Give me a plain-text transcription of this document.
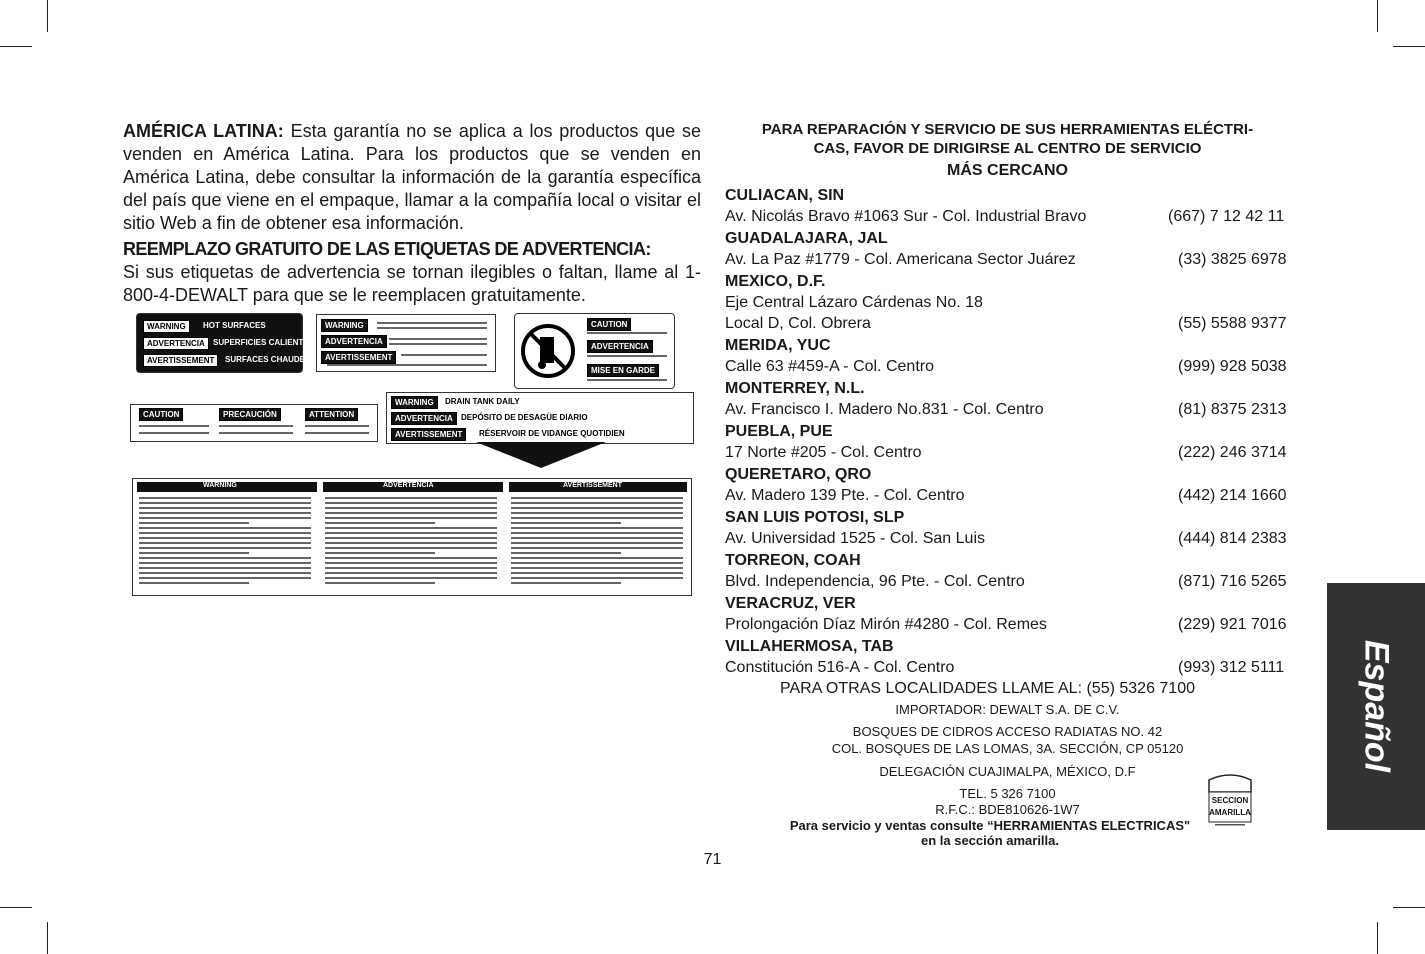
AMÉRICA LATINA: Esta garantía no se aplica a los productos que se venden en América Latina. Para los productos que se venden en América Latina, debe consultar la información de la garantía específica del país que viene en el empaque, llamar a la compañía local o visitar el sitio Web a fin de obtener esa información.

REEMPLAZO GRATUITO DE LAS ETIQUETAS DE ADVERTENCIA:

Si sus etiquetas de advertencia se tornan ilegibles o faltan, llame al 1-800-4-DEWALT para que se le reemplacen gratuitamente.

WARNING	HOT SURFACES
ADVERTENCIA	SUPERFICIES CALIENTES
AVERTISSEMENT	SURFACES CHAUDES
WARNING
ADVERTENCIA
AVERTISSEMENT
CAUTION
ADVERTENCIA
MISE EN GARDE
CAUTION	PRECAUCIÓN	ATTENTION
WARNING	DRAIN TANK DAILY
ADVERTENCIA	DEPÓSITO DE DESAGÜE DIARIO
AVERTISSEMENT	RÉSERVOIR DE VIDANGE QUOTIDIEN
WARNING	ADVERTENCIA	AVERTISSEMENT

PARA REPARACIÓN Y SERVICIO DE SUS HERRAMIENTAS ELÉCTRI-

CAS, FAVOR DE DIRIGIRSE AL CENTRO DE SERVICIO

MÁS CERCANO

CULIACAN, SIN
Av. Nicolás Bravo #1063 Sur - Col. Industrial Bravo	(667) 7 12 42 11
GUADALAJARA, JAL
Av. La Paz #1779 - Col. Americana Sector Juárez	(33) 3825 6978
MEXICO, D.F.
Eje Central Lázaro Cárdenas No. 18
Local D, Col. Obrera	(55) 5588 9377
MERIDA, YUC
Calle 63 #459-A - Col. Centro	(999) 928 5038
MONTERREY, N.L.
Av. Francisco I. Madero No.831 - Col. Centro	(81) 8375 2313
PUEBLA, PUE
17 Norte #205 - Col. Centro	(222) 246 3714
QUERETARO, QRO
Av. Madero 139 Pte. - Col. Centro	(442) 214 1660
SAN LUIS POTOSI, SLP
Av. Universidad 1525 - Col. San Luis	(444) 814 2383
TORREON, COAH
Blvd. Independencia, 96 Pte. - Col. Centro	(871) 716 5265
VERACRUZ, VER
Prolongación Díaz Mirón #4280 - Col. Remes	(229) 921 7016
VILLAHERMOSA, TAB
Constitución 516-A - Col. Centro	(993) 312 5111
PARA OTRAS LOCALIDADES LLAME AL: (55) 5326 7100
IMPORTADOR: DEWALT S.A. DE C.V.
BOSQUES DE CIDROS ACCESO RADIATAS NO. 42
COL. BOSQUES DE LAS LOMAS, 3A. SECCIÓN, CP 05120
DELEGACIÓN CUAJIMALPA, MÉXICO, D.F
TEL. 5 326 7100
R.F.C.: BDE810626-1W7
Para servicio y ventas consulte “HERRAMIENTAS ELECTRICAS"
en la sección amarilla.
SECCION
AMARILLA
Español
71
